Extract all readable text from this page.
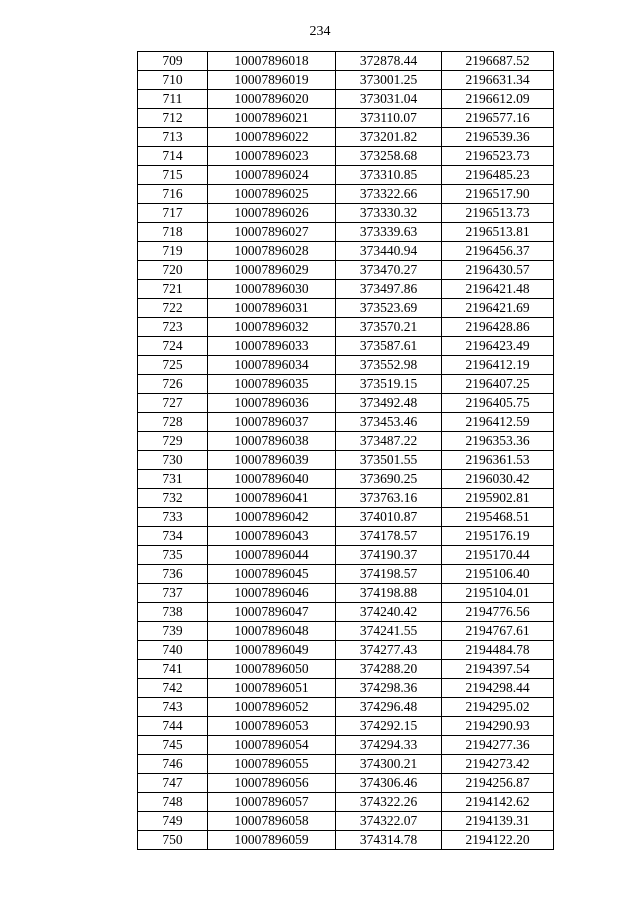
234
709	10007896018	372878.44	2196687.52
710	10007896019	373001.25	2196631.34
711	10007896020	373031.04	2196612.09
712	10007896021	373110.07	2196577.16
713	10007896022	373201.82	2196539.36
714	10007896023	373258.68	2196523.73
715	10007896024	373310.85	2196485.23
716	10007896025	373322.66	2196517.90
717	10007896026	373330.32	2196513.73
718	10007896027	373339.63	2196513.81
719	10007896028	373440.94	2196456.37
720	10007896029	373470.27	2196430.57
721	10007896030	373497.86	2196421.48
722	10007896031	373523.69	2196421.69
723	10007896032	373570.21	2196428.86
724	10007896033	373587.61	2196423.49
725	10007896034	373552.98	2196412.19
726	10007896035	373519.15	2196407.25
727	10007896036	373492.48	2196405.75
728	10007896037	373453.46	2196412.59
729	10007896038	373487.22	2196353.36
730	10007896039	373501.55	2196361.53
731	10007896040	373690.25	2196030.42
732	10007896041	373763.16	2195902.81
733	10007896042	374010.87	2195468.51
734	10007896043	374178.57	2195176.19
735	10007896044	374190.37	2195170.44
736	10007896045	374198.57	2195106.40
737	10007896046	374198.88	2195104.01
738	10007896047	374240.42	2194776.56
739	10007896048	374241.55	2194767.61
740	10007896049	374277.43	2194484.78
741	10007896050	374288.20	2194397.54
742	10007896051	374298.36	2194298.44
743	10007896052	374296.48	2194295.02
744	10007896053	374292.15	2194290.93
745	10007896054	374294.33	2194277.36
746	10007896055	374300.21	2194273.42
747	10007896056	374306.46	2194256.87
748	10007896057	374322.26	2194142.62
749	10007896058	374322.07	2194139.31
750	10007896059	374314.78	2194122.20
